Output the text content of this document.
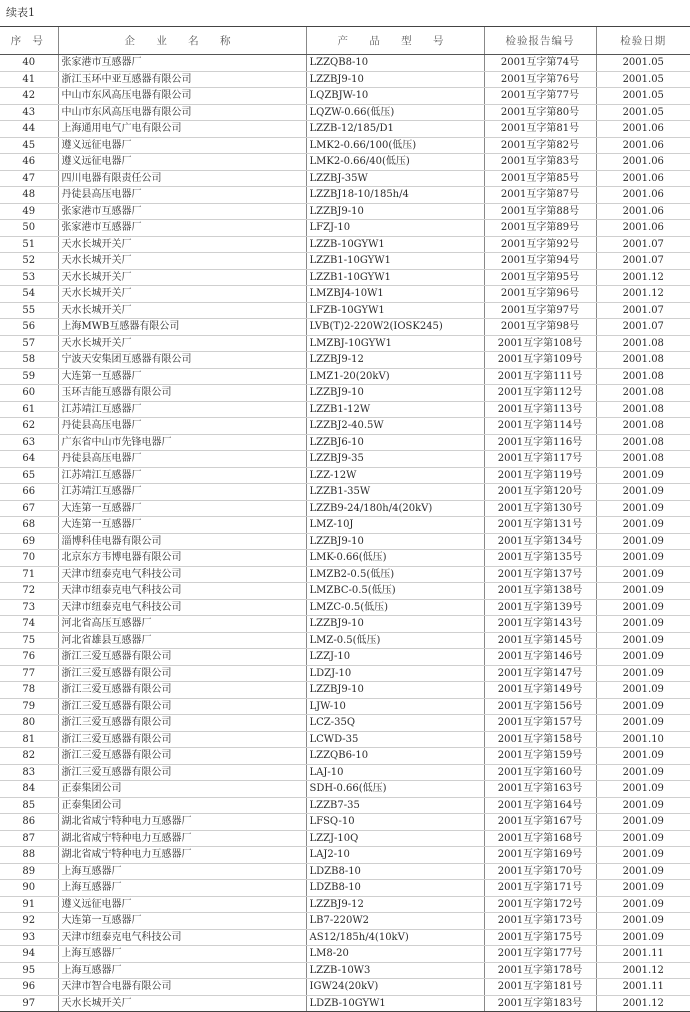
续表1
序 号	企 业 名 称	产 品 型 号	检验报告编号	检验日期
40	张家港市互感器厂	LZZQB8-10	2001互字第74号	2001.05
41	浙江玉环中亚互感器有限公司	LZZBJ9-10	2001互字第76号	2001.05
42	中山市东风高压电器有限公司	LQZBJW-10	2001互字第77号	2001.05
43	中山市东风高压电器有限公司	LQZW-0.66(低压)	2001互字第80号	2001.05
44	上海通用电气广电有限公司	LZZB-12/185/D1	2001互字第81号	2001.06
45	遵义远征电器厂	LMK2-0.66/100(低压)	2001互字第82号	2001.06
46	遵义远征电器厂	LMK2-0.66/40(低压)	2001互字第83号	2001.06
47	四川电器有限责任公司	LZZBJ-35W	2001互字第85号	2001.06
48	丹徒县高压电器厂	LZZBJ18-10/185h/4	2001互字第87号	2001.06
49	张家港市互感器厂	LZZBJ9-10	2001互字第88号	2001.06
50	张家港市互感器厂	LFZJ-10	2001互字第89号	2001.06
51	天水长城开关厂	LZZB-10GYW1	2001互字第92号	2001.07
52	天水长城开关厂	LZZB1-10GYW1	2001互字第94号	2001.07
53	天水长城开关厂	LZZB1-10GYW1	2001互字第95号	2001.12
54	天水长城开关厂	LMZBJ4-10W1	2001互字第96号	2001.12
55	天水长城开关厂	LFZB-10GYW1	2001互字第97号	2001.07
56	上海MWB互感器有限公司	LVB(T)2-220W2(IOSK245)	2001互字第98号	2001.07
57	天水长城开关厂	LMZBJ-10GYW1	2001互字第108号	2001.08
58	宁波天安集团互感器有限公司	LZZBJ9-12	2001互字第109号	2001.08
59	大连第一互感器厂	LMZ1-20(20kV)	2001互字第111号	2001.08
60	玉环吉能互感器有限公司	LZZBJ9-10	2001互字第112号	2001.08
61	江苏靖江互感器厂	LZZB1-12W	2001互字第113号	2001.08
62	丹徒县高压电器厂	LZZBJ2-40.5W	2001互字第114号	2001.08
63	广东省中山市先锋电器厂	LZZBJ6-10	2001互字第116号	2001.08
64	丹徒县高压电器厂	LZZBJ9-35	2001互字第117号	2001.08
65	江苏靖江互感器厂	LZZ-12W	2001互字第119号	2001.09
66	江苏靖江互感器厂	LZZB1-35W	2001互字第120号	2001.09
67	大连第一互感器厂	LZZB9-24/180h/4(20kV)	2001互字第130号	2001.09
68	大连第一互感器厂	LMZ-10J	2001互字第131号	2001.09
69	淄博科佳电器有限公司	LZZBJ9-10	2001互字第134号	2001.09
70	北京东方韦博电器有限公司	LMK-0.66(低压)	2001互字第135号	2001.09
71	天津市纽泰克电气科技公司	LMZB2-0.5(低压)	2001互字第137号	2001.09
72	天津市纽泰克电气科技公司	LMZBC-0.5(低压)	2001互字第138号	2001.09
73	天津市纽泰克电气科技公司	LMZC-0.5(低压)	2001互字第139号	2001.09
74	河北省高压互感器厂	LZZBJ9-10	2001互字第143号	2001.09
75	河北省雄县互感器厂	LMZ-0.5(低压)	2001互字第145号	2001.09
76	浙江三爱互感器有限公司	LZZJ-10	2001互字第146号	2001.09
77	浙江三爱互感器有限公司	LDZJ-10	2001互字第147号	2001.09
78	浙江三爱互感器有限公司	LZZBJ9-10	2001互字第149号	2001.09
79	浙江三爱互感器有限公司	LJW-10	2001互字第156号	2001.09
80	浙江三爱互感器有限公司	LCZ-35Q	2001互字第157号	2001.09
81	浙江三爱互感器有限公司	LCWD-35	2001互字第158号	2001.10
82	浙江三爱互感器有限公司	LZZQB6-10	2001互字第159号	2001.09
83	浙江三爱互感器有限公司	LAJ-10	2001互字第160号	2001.09
84	正泰集团公司	SDH-0.66(低压)	2001互字第163号	2001.09
85	正泰集团公司	LZZB7-35	2001互字第164号	2001.09
86	湖北省咸宁特种电力互感器厂	LFSQ-10	2001互字第167号	2001.09
87	湖北省咸宁特种电力互感器厂	LZZJ-10Q	2001互字第168号	2001.09
88	湖北省咸宁特种电力互感器厂	LAJ2-10	2001互字第169号	2001.09
89	上海互感器厂	LDZB8-10	2001互字第170号	2001.09
90	上海互感器厂	LDZB8-10	2001互字第171号	2001.09
91	遵义远征电器厂	LZZBJ9-12	2001互字第172号	2001.09
92	大连第一互感器厂	LB7-220W2	2001互字第173号	2001.09
93	天津市纽泰克电气科技公司	AS12/185h/4(10kV)	2001互字第175号	2001.09
94	上海互感器厂	LM8-20	2001互字第177号	2001.11
95	上海互感器厂	LZZB-10W3	2001互字第178号	2001.12
96	天津市智合电器有限公司	IGW24(20kV)	2001互字第181号	2001.11
97	天水长城开关厂	LDZB-10GYW1	2001互字第183号	2001.12
